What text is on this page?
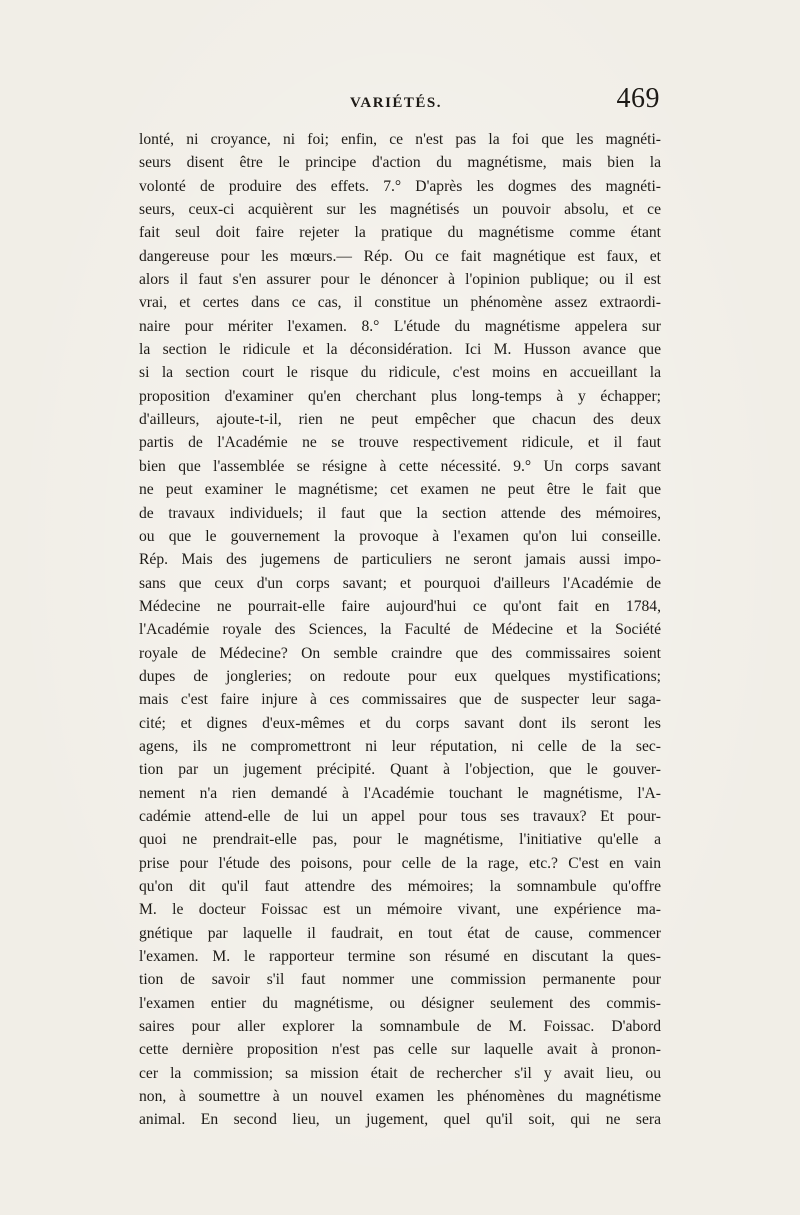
VARIÉTÉS.	469
lonté, ni croyance, ni foi; enfin, ce n'est pas la foi que les magnéti-
seurs disent être le principe d'action du magnétisme, mais bien la
volonté de produire des effets. 7.° D'après les dogmes des magnéti-
seurs, ceux-ci acquièrent sur les magnétisés un pouvoir absolu, et ce
fait seul doit faire rejeter la pratique du magnétisme comme étant
dangereuse pour les mœurs.— Rép. Ou ce fait magnétique est faux, et
alors il faut s'en assurer pour le dénoncer à l'opinion publique; ou il est
vrai, et certes dans ce cas, il constitue un phénomène assez extraordi-
naire pour mériter l'examen. 8.° L'étude du magnétisme appelera sur
la section le ridicule et la déconsidération. Ici M. Husson avance que
si la section court le risque du ridicule, c'est moins en accueillant la
proposition d'examiner qu'en cherchant plus long-temps à y échapper;
d'ailleurs, ajoute-t-il, rien ne peut empêcher que chacun des deux
partis de l'Académie ne se trouve respectivement ridicule, et il faut
bien que l'assemblée se résigne à cette nécessité. 9.° Un corps savant
ne peut examiner le magnétisme; cet examen ne peut être le fait que
de travaux individuels; il faut que la section attende des mémoires,
ou que le gouvernement la provoque à l'examen qu'on lui conseille.
Rép. Mais des jugemens de particuliers ne seront jamais aussi impo-
sans que ceux d'un corps savant; et pourquoi d'ailleurs l'Académie de
Médecine ne pourrait-elle faire aujourd'hui ce qu'ont fait en 1784,
l'Académie royale des Sciences, la Faculté de Médecine et la Société
royale de Médecine? On semble craindre que des commissaires soient
dupes de jongleries; on redoute pour eux quelques mystifications;
mais c'est faire injure à ces commissaires que de suspecter leur saga-
cité; et dignes d'eux-mêmes et du corps savant dont ils seront les
agens, ils ne compromettront ni leur réputation, ni celle de la sec-
tion par un jugement précipité. Quant à l'objection, que le gouver-
nement n'a rien demandé à l'Académie touchant le magnétisme, l'A-
cadémie attend-elle de lui un appel pour tous ses travaux? Et pour-
quoi ne prendrait-elle pas, pour le magnétisme, l'initiative qu'elle a
prise pour l'étude des poisons, pour celle de la rage, etc.? C'est en vain
qu'on dit qu'il faut attendre des mémoires; la somnambule qu'offre
M. le docteur Foissac est un mémoire vivant, une expérience ma-
gnétique par laquelle il faudrait, en tout état de cause, commencer
l'examen. M. le rapporteur termine son résumé en discutant la ques-
tion de savoir s'il faut nommer une commission permanente pour
l'examen entier du magnétisme, ou désigner seulement des commis-
saires pour aller explorer la somnambule de M. Foissac. D'abord
cette dernière proposition n'est pas celle sur laquelle avait à pronon-
cer la commission; sa mission était de rechercher s'il y avait lieu, ou
non, à soumettre à un nouvel examen les phénomènes du magnétisme
animal. En second lieu, un jugement, quel qu'il soit, qui ne sera
